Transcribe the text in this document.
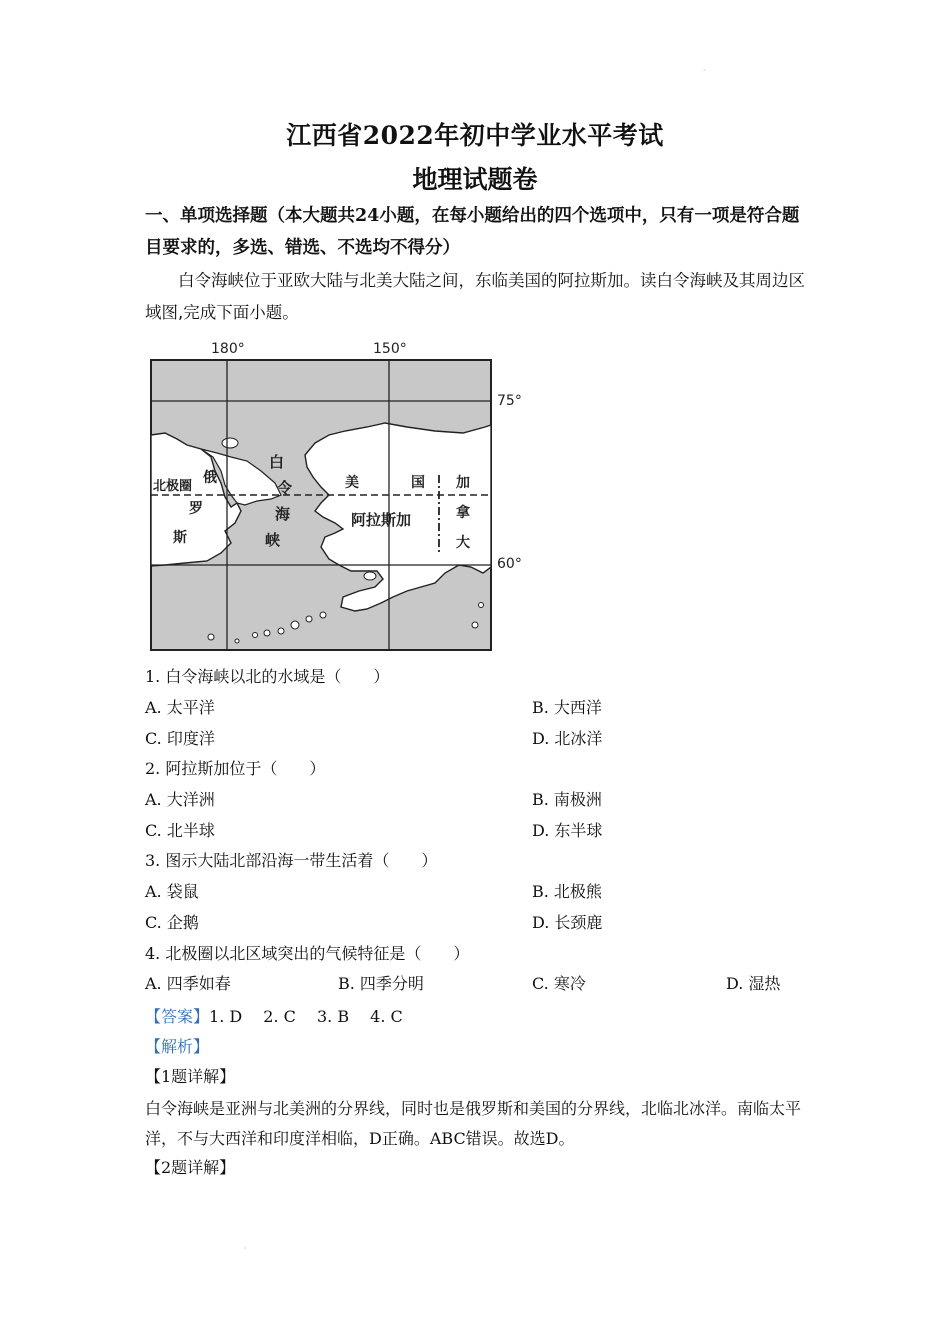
·
江西省2022年初中学业水平考试
地理试题卷
一、单项选择题（本大题共24小题，在每小题给出的四个选项中，只有一项是符合题目要求的，多选、错选、不选均不得分）
白令海峡位于亚欧大陆与北美大陆之间，东临美国的阿拉斯加。读白令海峡及其周边区域图,完成下面小题。
180°	150°
75°
60°
北极圈
俄
罗
斯
白
令
海
峡
美	国
阿拉斯加
加
拿
大
1. 白令海峡以北的水域是（　　）
A. 太平洋	B. 大西洋
C. 印度洋	D. 北冰洋
2. 阿拉斯加位于（　　）
A. 大洋洲	B. 南极洲
C. 北半球	D. 东半球
3. 图示大陆北部沿海一带生活着（　　）
A. 袋鼠	B. 北极熊
C. 企鹅	D. 长颈鹿
4. 北极圈以北区域突出的气候特征是（　　）
A. 四季如春	B. 四季分明	C. 寒冷	D. 湿热
【答案】1. D　 2. C　 3. B　 4. C
【解析】
【1题详解】
白令海峡是亚洲与北美洲的分界线，同时也是俄罗斯和美国的分界线，北临北冰洋。南临太平洋，不与大西洋和印度洋相临，D正确。ABC错误。故选D。
【2题详解】
·
